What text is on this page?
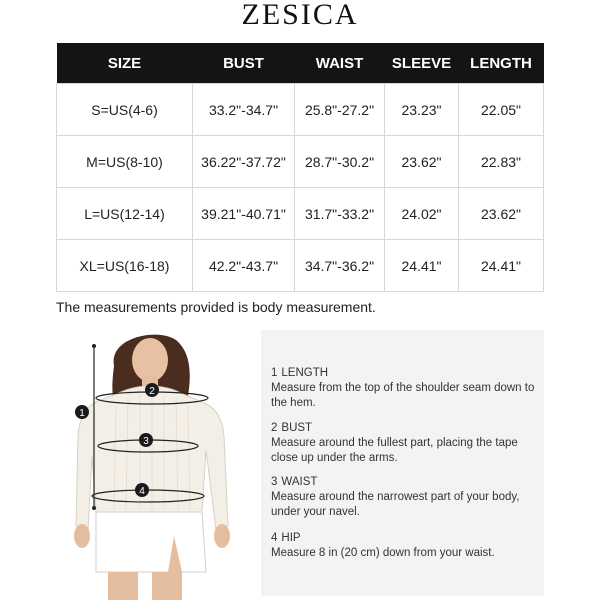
ZESICA
SIZE	BUST	WAIST	SLEEVE	LENGTH
S=US(4-6)	33.2"-34.7"	25.8"-27.2"	23.23"	22.05"
M=US(8-10)	36.22"-37.72"	28.7"-30.2"	23.62"	22.83"
L=US(12-14)	39.21"-40.71"	31.7"-33.2"	24.02"	23.62"
XL=US(16-18)	42.2"-43.7"	34.7"-36.2"	24.41"	24.41"
The measurements provided is body measurement.
1
2
3
4
1 LENGTH
Measure from the top of the shoulder seam down to the hem.
2 BUST
Measure around the fullest part, placing the tape close up under the arms.
3 WAIST
Measure around the narrowest part of your body, under your navel.
4 HIP
Measure 8 in (20 cm) down from your waist.
